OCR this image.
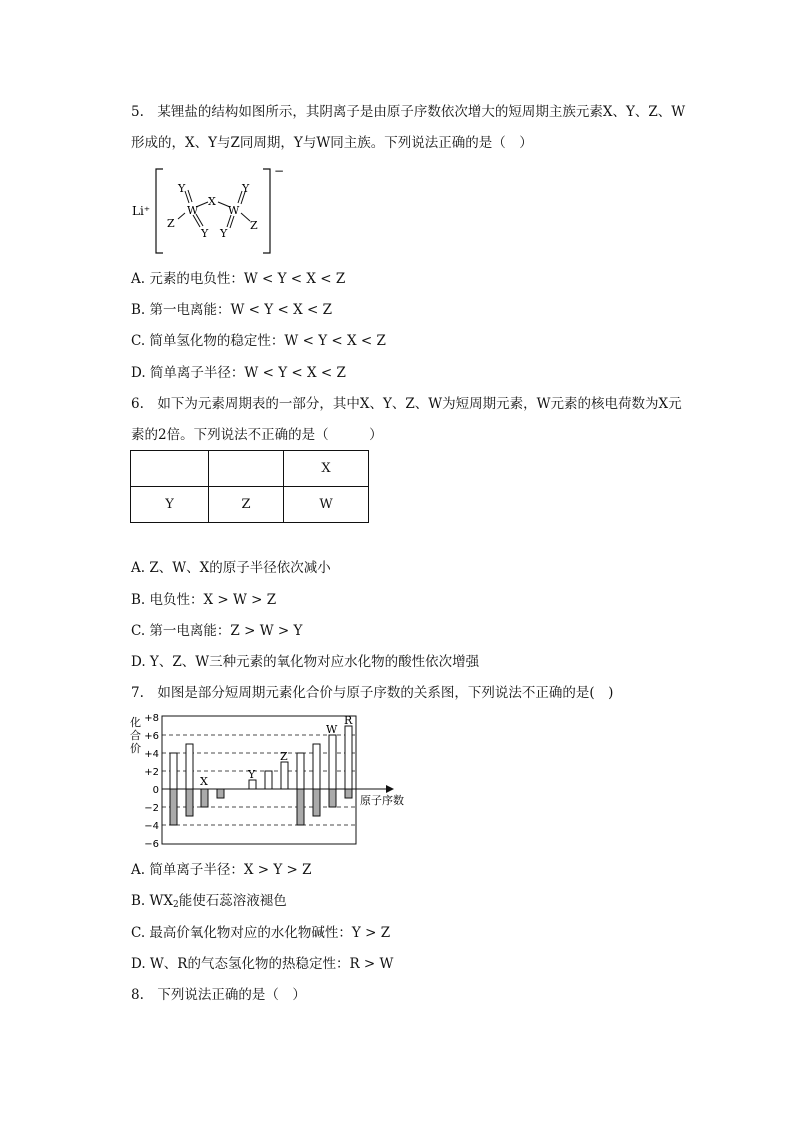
5.　某锂盐的结构如图所示，其阴离子是由原子序数依次增大的短周期主族元素X、Y、Z、W
形成的，X、Y与Z同周期，Y与W同主族。下列说法正确的是（　）
Li⁺
−
Y
W
Z
Y
X
Y
W
Z
Y
A. 元素的电负性：W < Y < X < Z
B. 第一电离能：W < Y < X < Z
C. 简单氢化物的稳定性：W < Y < X < Z
D. 简单离子半径：W < Y < X < Z
6.　如下为元素周期表的一部分，其中X、Y、Z、W为短周期元素，W元素的核电荷数为X元
素的2倍。下列说法不正确的是（　　　）
		X
Y	Z	W
A. Z、W、X的原子半径依次减小
B. 电负性：X > W > Z
C. 第一电离能：Z > W > Y
D. Y、Z、W三种元素的氧化物对应水化物的酸性依次增强
7.　如图是部分短周期元素化合价与原子序数的关系图，下列说法不正确的是(　)
化
合
价
+8
+6
+4
+2
0
−2
−4
−6
原子序数
X
Y
Z
W
R
A. 简单离子半径：X > Y > Z
B. $WX_2$能使石蕊溶液褪色
C. 最高价氧化物对应的水化物碱性：Y > Z
D. W、R的气态氢化物的热稳定性：R > W
8.　下列说法正确的是（　）
